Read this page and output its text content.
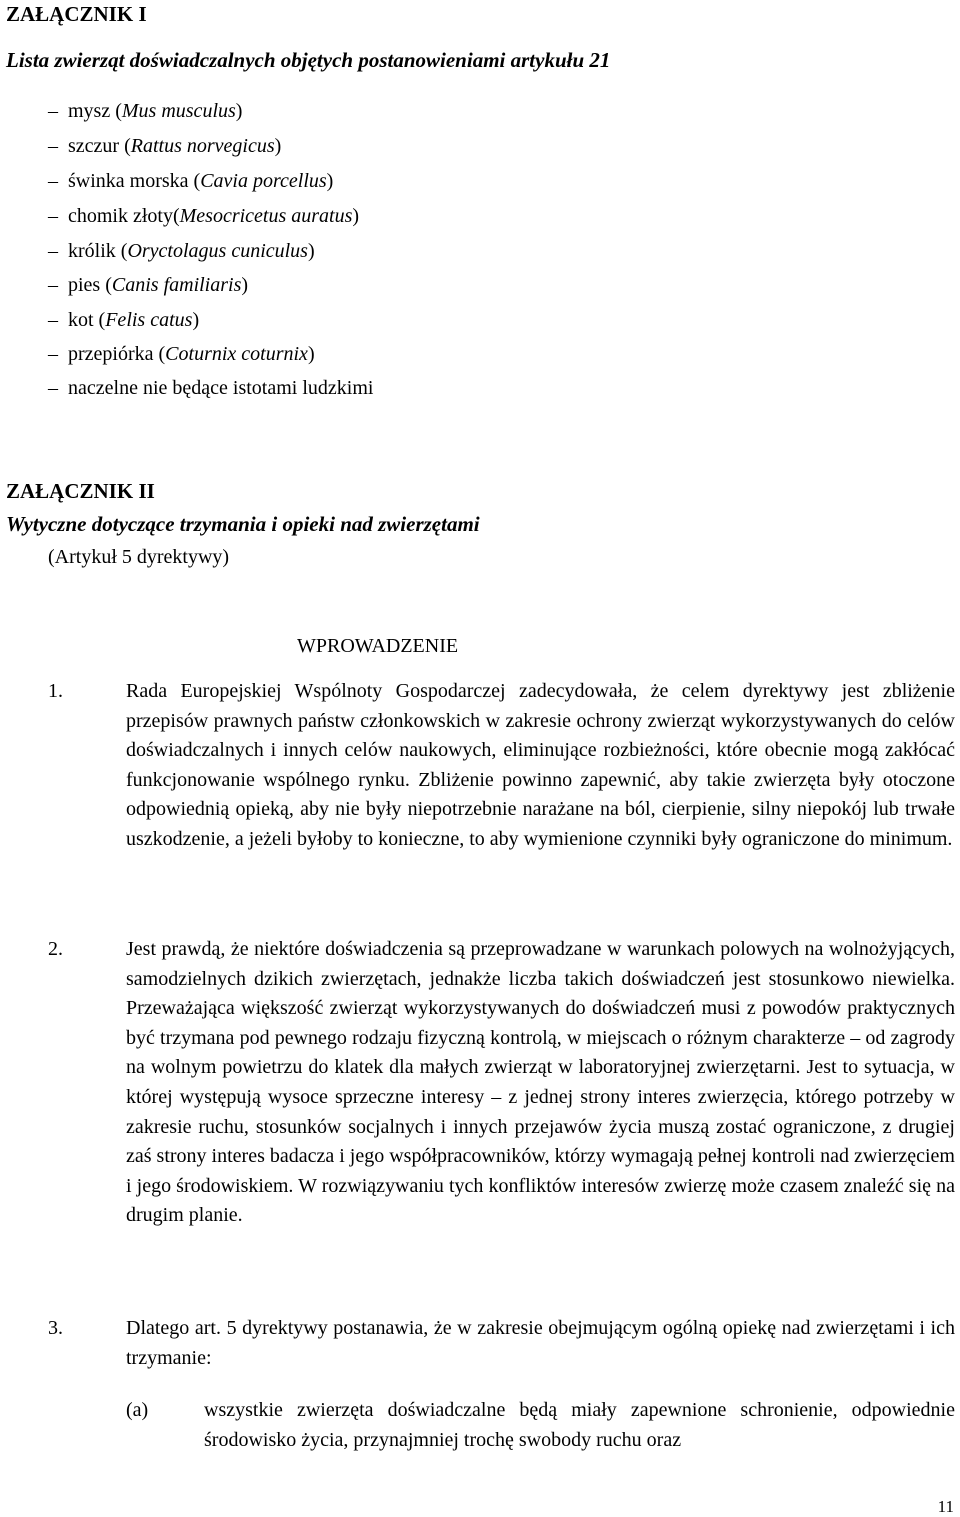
ZAŁĄCZNIK I
Lista zwierząt doświadczalnych objętych postanowieniami artykułu 21
– mysz (Mus musculus)
– szczur (Rattus norvegicus)
– świnka morska (Cavia porcellus)
– chomik złoty(Mesocricetus auratus)
– królik (Oryctolagus cuniculus)
– pies (Canis familiaris)
– kot (Felis catus)
– przepiórka (Coturnix coturnix)
– naczelne nie będące istotami ludzkimi
ZAŁĄCZNIK II
Wytyczne dotyczące trzymania i opieki nad zwierzętami
(Artykuł 5 dyrektywy)
WPROWADZENIE
1.	Rada Europejskiej Wspólnoty Gospodarczej zadecydowała, że celem dyrektywy jest zbliżenie przepisów prawnych państw członkowskich w zakresie ochrony zwierząt wykorzystywanych do celów doświadczalnych i innych celów naukowych, eliminujące rozbieżności, które obecnie mogą zakłócać funkcjonowanie wspólnego rynku. Zbliżenie powinno zapewnić, aby takie zwierzęta były otoczone odpowiednią opieką, aby nie były niepotrzebnie narażane na ból, cierpienie, silny niepokój lub trwałe uszkodzenie, a jeżeli byłoby to konieczne, to aby wymienione czynniki były ograniczone do minimum.
2.	Jest prawdą, że niektóre doświadczenia są przeprowadzane w warunkach polowych na wolnożyjących, samodzielnych dzikich zwierzętach, jednakże liczba takich doświadczeń jest stosunkowo niewielka. Przeważająca większość zwierząt wykorzystywanych do doświadczeń musi z powodów praktycznych być trzymana pod pewnego rodzaju fizyczną kontrolą, w miejscach o różnym charakterze – od zagrody na wolnym powietrzu do klatek dla małych zwierząt w laboratoryjnej zwierzętarni. Jest to sytuacja, w której występują wysoce sprzeczne interesy – z jednej strony interes zwierzęcia, którego potrzeby w zakresie ruchu, stosunków socjalnych i innych przejawów życia muszą zostać ograniczone, z drugiej zaś strony interes badacza i jego współpracowników, którzy wymagają pełnej kontroli nad zwierzęciem i jego środowiskiem. W rozwiązywaniu tych konfliktów interesów zwierzę może czasem znaleźć się na drugim planie.
3.	Dlatego art. 5 dyrektywy postanawia, że w zakresie obejmującym ogólną opiekę nad zwierzętami i ich trzymanie:
(a)	wszystkie zwierzęta doświadczalne będą miały zapewnione schronienie, odpowiednie środowisko życia, przynajmniej trochę swobody ruchu oraz
11
